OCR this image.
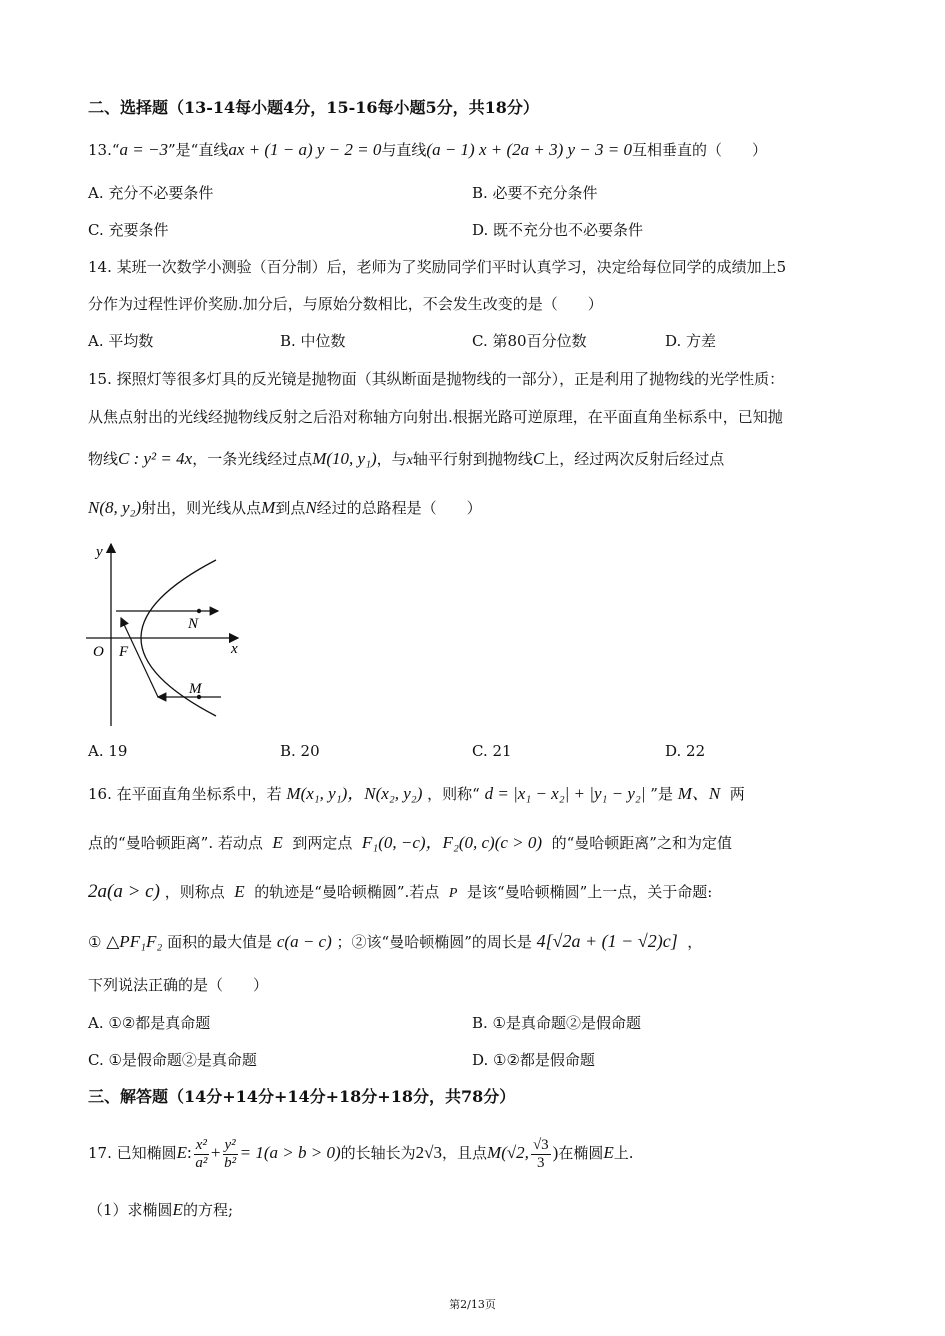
二、选择题（13-14每小题4分，15-16每小题5分，共18分）
13.“a = −3”是“直线ax + (1 − a) y − 2 = 0与直线(a − 1) x + (2a + 3) y − 3 = 0互相垂直的（　　）
A. 充分不必要条件	B. 必要不充分条件
C. 充要条件	D. 既不充分也不必要条件
14. 某班一次数学小测验（百分制）后，老师为了奖励同学们平时认真学习，决定给每位同学的成绩加上5
分作为过程性评价奖励.加分后，与原始分数相比，不会发生改变的是（　　）
A. 平均数	B. 中位数	C. 第80百分位数	D. 方差
15. 探照灯等很多灯具的反光镜是抛物面（其纵断面是抛物线的一部分），正是利用了抛物线的光学性质：
从焦点射出的光线经抛物线反射之后沿对称轴方向射出.根据光路可逆原理，在平面直角坐标系中，已知抛
物线C : y² = 4x，一条光线经过点M(10, y₁)，与x轴平行射到抛物线C上，经过两次反射后经过点
N(8, y₂)射出，则光线从点M到点N经过的总路程是（　　）
y
x
O F
N
M
A. 19	B. 20	C. 21	D. 22
16. 在平面直角坐标系中，若 M(x₁, y₁)，N(x₂, y₂) ，则称“ d = |x₁ − x₂| + |y₁ − y₂| ”是 M、N 两
点的“曼哈顿距离”. 若动点 E 到两定点 F₁(0, −c)，F₂(0, c)(c > 0) 的“曼哈顿距离”之和为定值
2a(a > c) ，则称点 E 的轨迹是“曼哈顿椭圆”.若点 P 是该“曼哈顿椭圆”上一点，关于命题:
① △PF₁F₂ 面积的最大值是 c(a − c) ；②该“曼哈顿椭圆”的周长是 4[√2a + (1 − √2)c] ，
下列说法正确的是（　　）
A. ①②都是真命题	B. ①是真命题②是假命题
C. ①是假命题②是真命题	D. ①②都是假命题
三、解答题（14分+14分+14分+18分+18分，共78分）
17. 已知椭圆E: $\frac{\text{x²}}{\text{a²}} + \frac{\text{y²}}{\text{b²}} = 1(a > b > 0)$的长轴长为2√3，且点M(√2, $\frac{√3}{3}$ )在椭圆E上.
（1）求椭圆E的方程;
第2/13页
